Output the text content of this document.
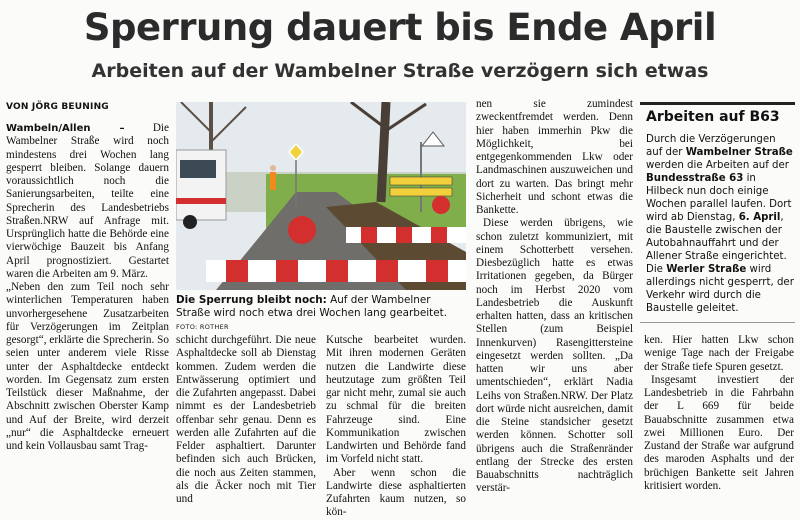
Sperrung dauert bis Ende April
Arbeiten auf der Wambelner Straße verzögern sich etwas
VON JÖRG BEUNING

Wambeln/Allen –	Die Wambelner Straße wird noch mindestens drei Wochen lang gesperrt bleiben. Solange dauern voraussichtlich noch die Sanierungsarbeiten, teilte eine Sprecherin des Landesbetriebs Straßen.NRW auf Anfrage mit. Ursprünglich hatte die Behörde eine vierwöchige Bauzeit bis Anfang April prognostiziert. Gestartet waren die Arbeiten am 9. März.

„Neben den zum Teil noch sehr winterlichen Temperaturen haben unvorhergesehene Zusatzarbeiten für Verzögerungen im Zeitplan gesorgt“, erklärte die Sprecherin. So seien unter anderem viele Risse unter der Asphaltdecke entdeckt worden. Im Gegensatz zum ersten Teilstück dieser Maßnahme, der Abschnitt zwischen Oberster Kamp und Auf der Breite, wird derzeit „nur“ die Asphaltdecke erneuert und kein Vollausbau samt Trag-

Die Sperrung bleibt noch: Auf der Wambelner Straße wird noch etwa drei Wochen lang gearbeitet. FOTO: ROTHER

schicht durchgeführt. Die neue Asphaltdecke soll ab Dienstag kommen. Zudem werden die Entwässerung optimiert und die Zufahrten angepasst. Dabei nimmt es der Landesbetrieb offenbar sehr genau. Denn es werden alle Zufahrten auf die Felder asphaltiert. Darunter befinden sich auch Brücken, die noch aus Zeiten stammen, als die Äcker noch mit Tier und

Kutsche bearbeitet wurden. Mit ihren modernen Geräten nutzen die Landwirte diese heutzutage zum größten Teil gar nicht mehr, zumal sie auch zu schmal für die breiten Fahrzeuge sind. Eine Kommunikation zwischen Landwirten und Behörde fand im Vorfeld nicht statt.

Aber wenn schon die Landwirte diese asphaltierten Zufahrten kaum nutzen, so kön-

nen sie zumindest zweckentfremdet werden. Denn hier haben immerhin Pkw die Möglichkeit, bei entgegenkommenden Lkw oder Landmaschinen auszuweichen und dort zu warten. Das bringt mehr Sicherheit und schont etwas die Bankette.

Diese werden übrigens, wie schon zuletzt kommuniziert, mit einem Schotterbett versehen. Diesbezüglich hatte es etwas Irritationen gegeben, da Bürger noch im Herbst 2020 vom Landesbetrieb die Auskunft erhalten hatten, dass an kritischen Stellen (zum Beispiel Innenkurven) Rasengittersteine eingesetzt werden sollten. „Da hatten wir uns aber umentschieden“, erklärt Nadia Leihs von Straßen.NRW. Der Platz dort würde nicht ausreichen, damit die Steine standsicher gesetzt werden können. Schotter soll übrigens auch die Straßenränder entlang der Strecke des ersten Bauabschnitts nachträglich verstär-

Arbeiten auf B63

Durch die Verzögerungen auf der Wambelner Straße werden die Arbeiten auf der Bundesstraße 63 in Hilbeck nun doch einige Wochen parallel laufen. Dort wird ab Dienstag, 6. April, die Baustelle zwischen der Autobahnauffahrt und der Allener Straße eingerichtet. Die Werler Straße wird allerdings nicht gesperrt, der Verkehr wird durch die Baustelle geleitet.

ken. Hier hatten Lkw schon wenige Tage nach der Freigabe der Straße tiefe Spuren gesetzt.

Insgesamt investiert der Landesbetrieb in die Fahrbahn der L 669 für beide Bauabschnitte zusammen etwa zwei Millionen Euro. Der Zustand der Straße war aufgrund des maroden Asphalts und der brüchigen Bankette seit Jahren kritisiert worden.
